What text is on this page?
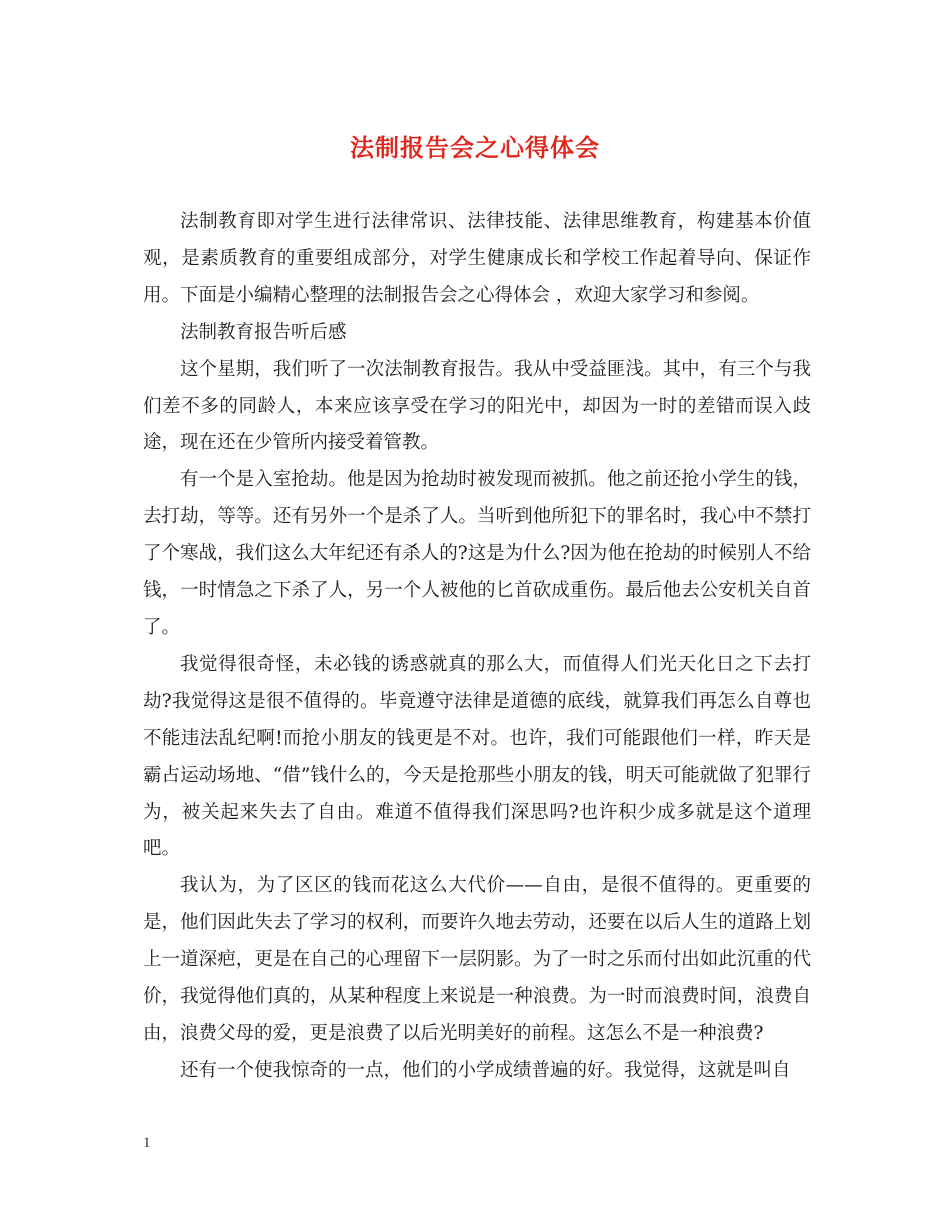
法制报告会之心得体会

法制教育即对学生进行法律常识、法律技能、法律思维教育，构建基本价值观，是素质教育的重要组成部分，对学生健康成长和学校工作起着导向、保证作用。下面是小编精心整理的法制报告会之心得体会 ，欢迎大家学习和参阅。

法制教育报告听后感

这个星期，我们听了一次法制教育报告。我从中受益匪浅。其中，有三个与我们差不多的同龄人，本来应该享受在学习的阳光中，却因为一时的差错而误入歧途，现在还在少管所内接受着管教。

有一个是入室抢劫。他是因为抢劫时被发现而被抓。他之前还抢小学生的钱，去打劫，等等。还有另外一个是杀了人。当听到他所犯下的罪名时，我心中不禁打了个寒战，我们这么大年纪还有杀人的?这是为什么?因为他在抢劫的时候别人不给钱，一时情急之下杀了人，另一个人被他的匕首砍成重伤。最后他去公安机关自首了。

我觉得很奇怪，未必钱的诱惑就真的那么大，而值得人们光天化日之下去打劫?我觉得这是很不值得的。毕竟遵守法律是道德的底线，就算我们再怎么自尊也不能违法乱纪啊!而抢小朋友的钱更是不对。也许，我们可能跟他们一样，昨天是霸占运动场地、“借”钱什么的，今天是抢那些小朋友的钱，明天可能就做了犯罪行为，被关起来失去了自由。难道不值得我们深思吗?也许积少成多就是这个道理吧。

我认为，为了区区的钱而花这么大代价——自由，是很不值得的。更重要的是，他们因此失去了学习的权利，而要许久地去劳动，还要在以后人生的道路上划上一道深疤，更是在自己的心理留下一层阴影。为了一时之乐而付出如此沉重的代价，我觉得他们真的，从某种程度上来说是一种浪费。为一时而浪费时间，浪费自由，浪费父母的爱，更是浪费了以后光明美好的前程。这怎么不是一种浪费?

还有一个使我惊奇的一点，他们的小学成绩普遍的好。我觉得，这就是叫自

1
